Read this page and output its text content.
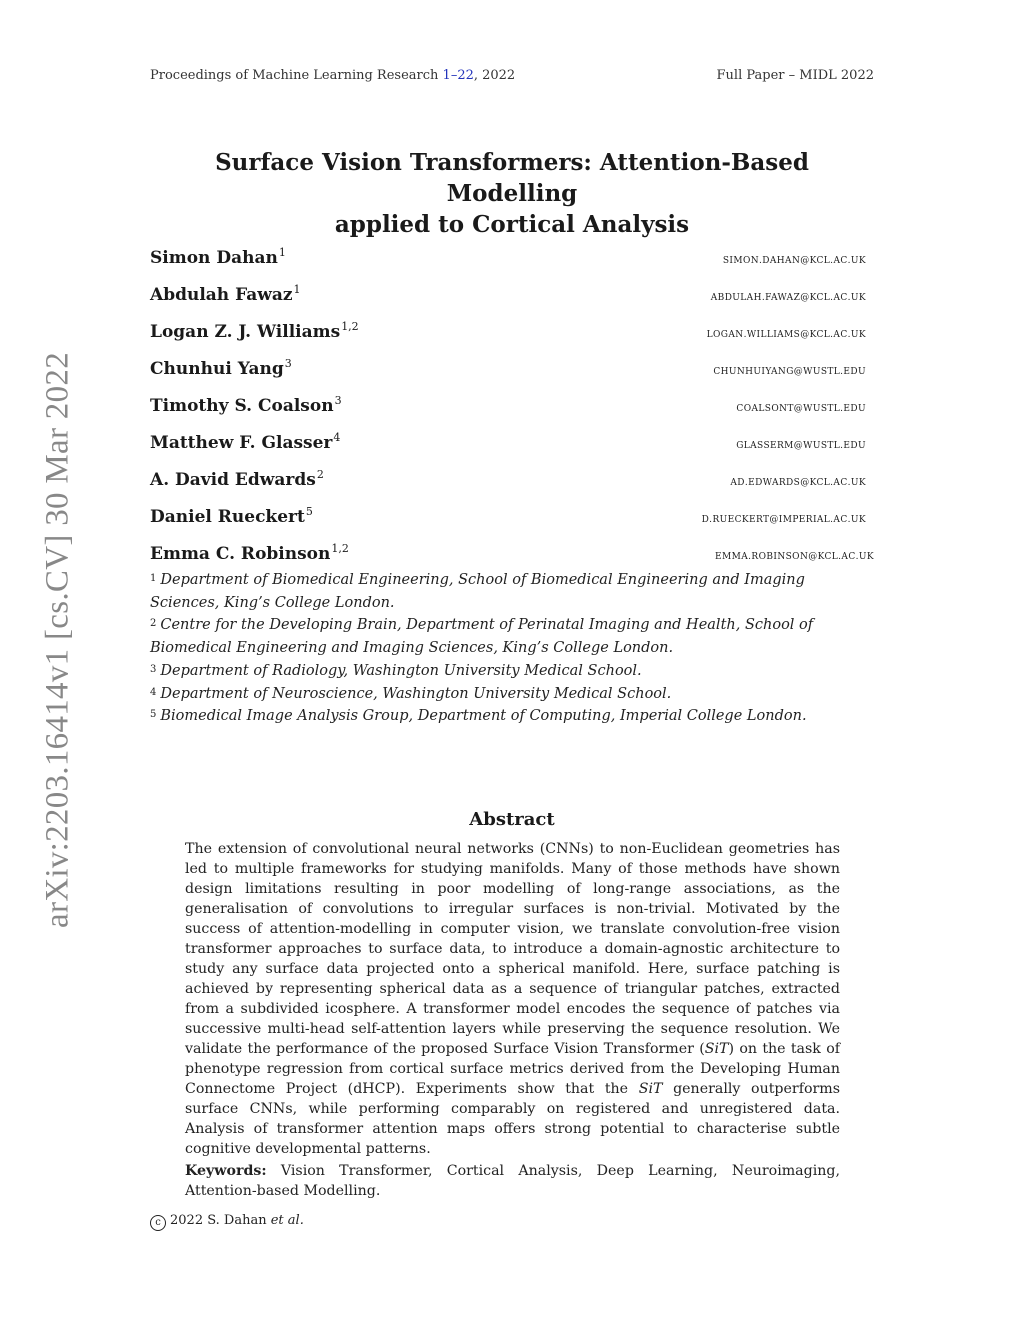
Proceedings of Machine Learning Research 1–22, 2022	Full Paper – MIDL 2022
arXiv:2203.16414v1 [cs.CV] 30 Mar 2022
Surface Vision Transformers: Attention-Based Modelling
applied to Cortical Analysis
Simon Dahan$^1$	simon.dahan@kcl.ac.uk
Abdulah Fawaz$^1$	abdulah.fawaz@kcl.ac.uk
Logan Z. J. Williams$^{1,2}$	logan.williams@kcl.ac.uk
Chunhui Yang$^3$	chunhuiyang@wustl.edu
Timothy S. Coalson$^3$	coalsont@wustl.edu
Matthew F. Glasser$^4$	glasserm@wustl.edu
A. David Edwards$^2$	ad.edwards@kcl.ac.uk
Daniel Rueckert$^5$	d.rueckert@imperial.ac.uk
Emma C. Robinson$^{1,2}$	emma.robinson@kcl.ac.uk
$^1$ Department of Biomedical Engineering, School of Biomedical Engineering and Imaging Sciences, King’s College London.
$^2$ Centre for the Developing Brain, Department of Perinatal Imaging and Health, School of Biomedical Engineering and Imaging Sciences, King’s College London.
$^3$ Department of Radiology, Washington University Medical School.
$^4$ Department of Neuroscience, Washington University Medical School.
$^5$ Biomedical Image Analysis Group, Department of Computing, Imperial College London.
Abstract
The extension of convolutional neural networks (CNNs) to non-Euclidean geometries has led to multiple frameworks for studying manifolds. Many of those methods have shown design limitations resulting in poor modelling of long-range associations, as the generalisation of convolutions to irregular surfaces is non-trivial. Motivated by the success of attention-modelling in computer vision, we translate convolution-free vision transformer approaches to surface data, to introduce a domain-agnostic architecture to study any surface data projected onto a spherical manifold. Here, surface patching is achieved by representing spherical data as a sequence of triangular patches, extracted from a subdivided icosphere. A transformer model encodes the sequence of patches via successive multi-head self-attention layers while preserving the sequence resolution. We validate the performance of the proposed Surface Vision Transformer (SiT) on the task of phenotype regression from cortical surface metrics derived from the Developing Human Connectome Project (dHCP). Experiments show that the SiT generally outperforms surface CNNs, while performing comparably on registered and unregistered data. Analysis of transformer attention maps offers strong potential to characterise subtle cognitive developmental patterns.
Keywords: Vision Transformer, Cortical Analysis, Deep Learning, Neuroimaging, Attention-based Modelling.
c 2022 S. Dahan et al.
